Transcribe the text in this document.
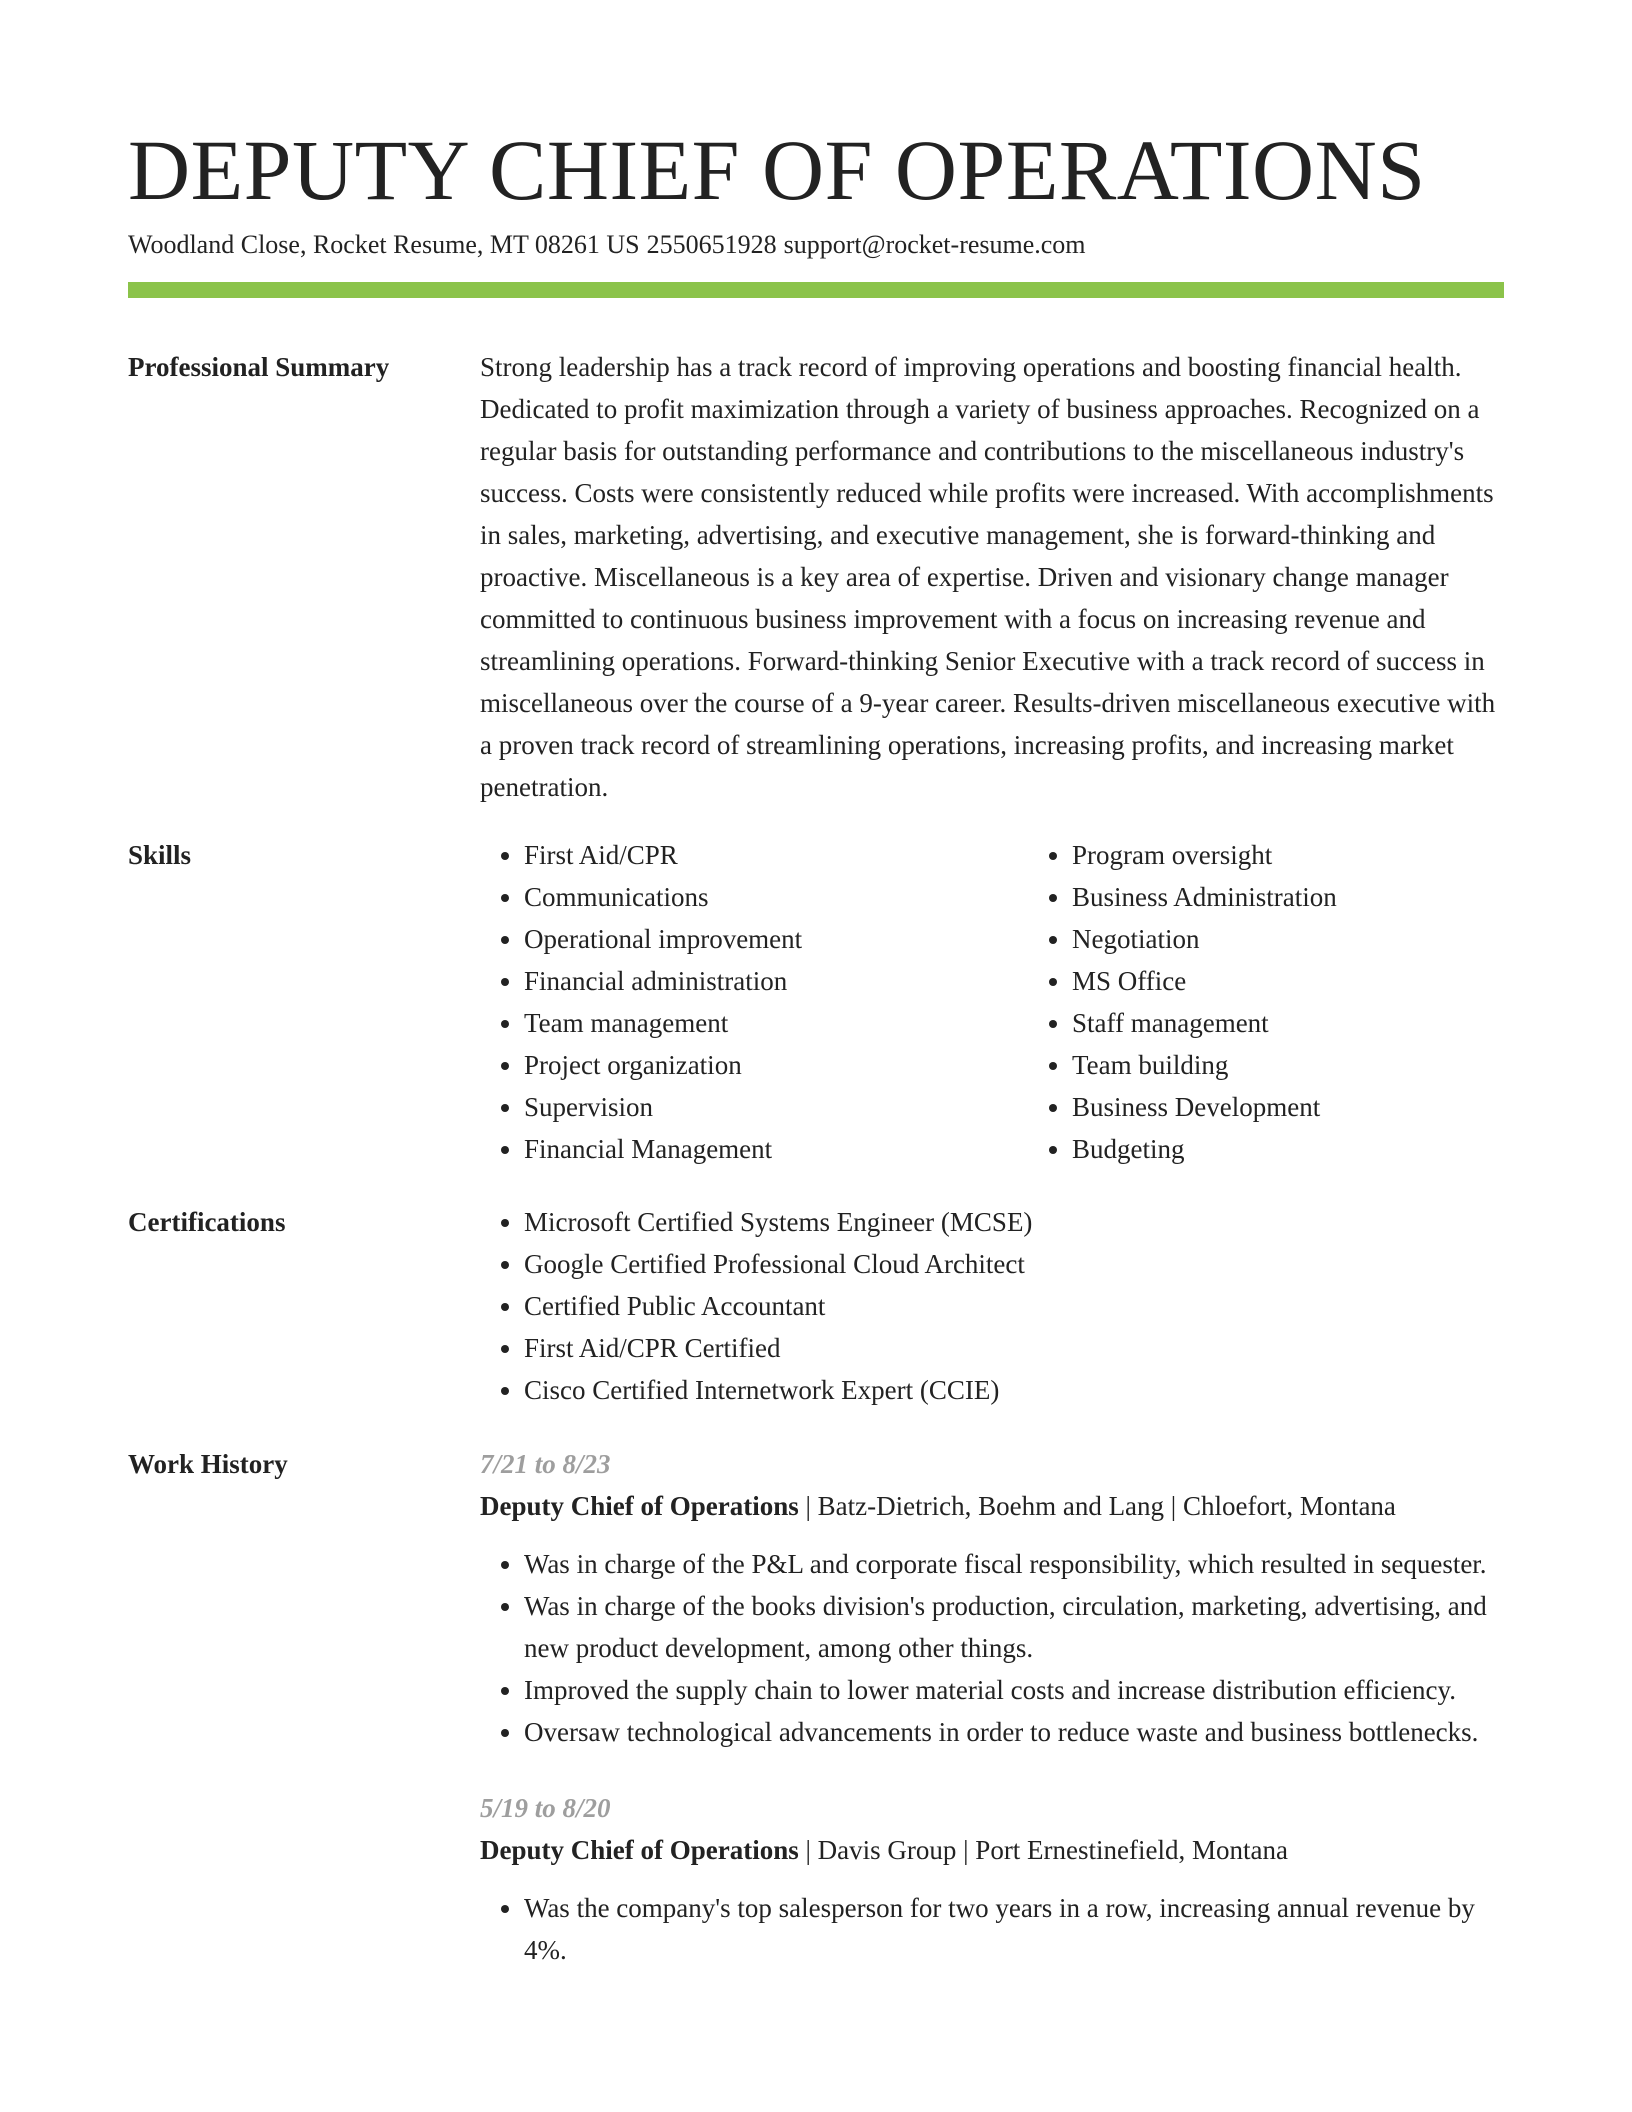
DEPUTY CHIEF OF OPERATIONS
Woodland Close, Rocket Resume, MT 08261 US 2550651928 support@rocket-resume.com
Professional Summary	Strong leadership has a track record of improving operations and boosting financial health. Dedicated to profit maximization through a variety of business approaches. Recognized on a regular basis for outstanding performance and contributions to the miscellaneous industry's success. Costs were consistently reduced while profits were increased. With accomplishments in sales, marketing, advertising, and executive management, she is forward-thinking and proactive. Miscellaneous is a key area of expertise. Driven and visionary change manager committed to continuous business improvement with a focus on increasing revenue and streamlining operations. Forward-thinking Senior Executive with a track record of success in miscellaneous over the course of a 9-year career. Results-driven miscellaneous executive with a proven track record of streamlining operations, increasing profits, and increasing market penetration.

Skills	• First Aid/CPR
• Communications
• Operational improvement
• Financial administration
• Team management
• Project organization
• Supervision
• Financial Management
• Program oversight
• Business Administration
• Negotiation
• MS Office
• Staff management
• Team building
• Business Development
• Budgeting
Certifications	• Microsoft Certified Systems Engineer (MCSE)
• Google Certified Professional Cloud Architect
• Certified Public Accountant
• First Aid/CPR Certified
• Cisco Certified Internetwork Expert (CCIE)
Work History	7/21 to 8/23

Deputy Chief of Operations | Batz-Dietrich, Boehm and Lang | Chloefort, Montana

• Was in charge of the P&L and corporate fiscal responsibility, which resulted in sequester.
• Was in charge of the books division's production, circulation, marketing, advertising, and new product development, among other things.
• Improved the supply chain to lower material costs and increase distribution efficiency.
• Oversaw technological advancements in order to reduce waste and business bottlenecks.

5/19 to 8/20

Deputy Chief of Operations | Davis Group | Port Ernestinefield, Montana

• Was the company's top salesperson for two years in a row, increasing annual revenue by 4%.
